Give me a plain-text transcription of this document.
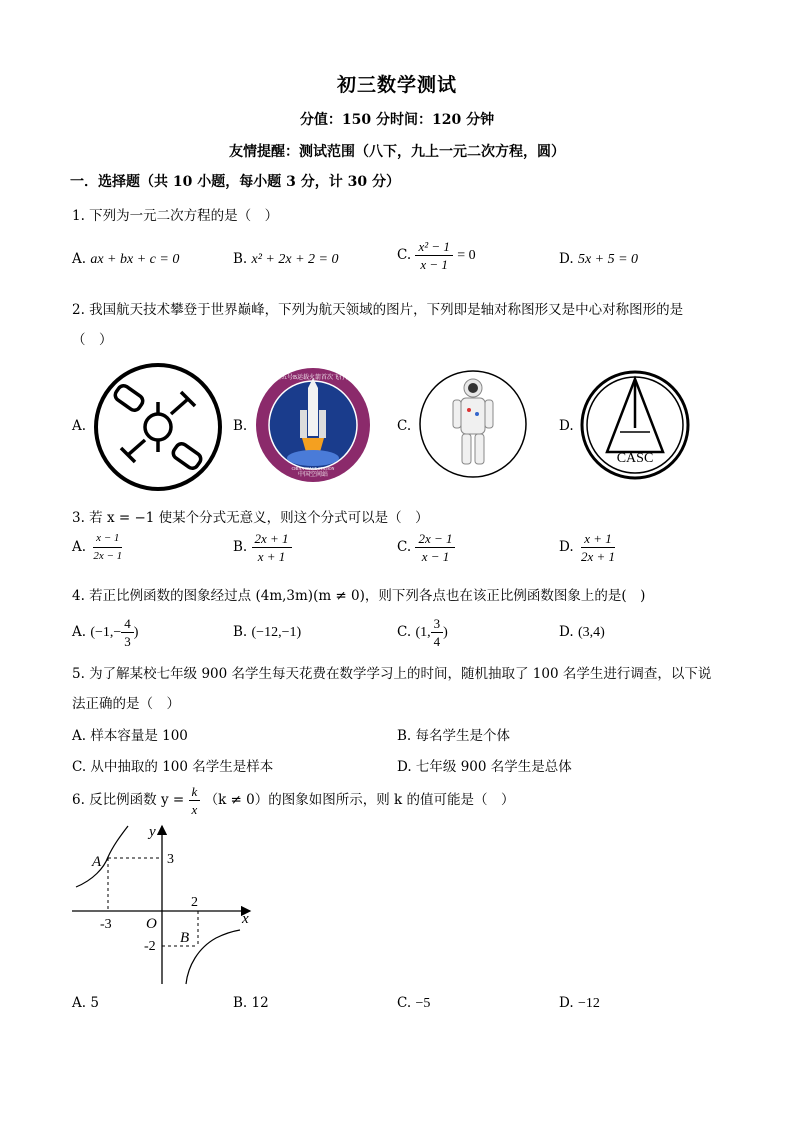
初三数学测试
分值：150 分时间：120 分钟
友情提醒：测试范围（八下，九上一元二次方程，圆）
一．选择题（共 10 小题，每小题 3 分，计 30 分）
1. 下列为一元二次方程的是（　）
A. ax + bx + c = 0	B. x² + 2x + 2 = 0	C. $\frac{\text{x² − 1}}{x - 1} = 0$	D. 5x + 5 = 0
2. 我国航天技术攀登于世界巅峰，下列为航天领域的图片，下列即是轴对称图形又是中心对称图形的是
（　）
A.	B.
长征五号B运载火箭首次飞行任务
中国空间站
CHINA SPACE STATION
C.	D.
CASC
3. 若 x = −1 使某个分式无意义，则这个分式可以是（　）
A. $\frac{x - 1}{2x - 1}$	B. $\frac{2x + 1}{x + 1}$	C. $\frac{2x - 1}{x - 1}$	D. $\frac{x + 1}{2x + 1}$
4. 若正比例函数的图象经过点 (4m,3m)(m ≠ 0)，则下列各点也在该正比例函数图象上的是(　)
A. ($-1,- \frac{4}{3}$ )	B. (−12,−1)	C. (1, $\frac{3}{4}$ )	D. (3,4)
5. 为了解某校七年级 900 名学生每天花费在数学学习上的时间，随机抽取了 100 名学生进行调查，以下说
法正确的是（　）
A. 样本容量是 100	B. 每名学生是个体
C. 从中抽取的 100 名学生是样本	D. 七年级 900 名学生是总体
6. 反比例函数 $y = \frac{k}{x} (k \ne 0)$的图象如图所示，则 k 的值可能是（　）
y
x
O
A
B
3
2
-3
-2
A. 5	B. 12	C. −5	D. −12
